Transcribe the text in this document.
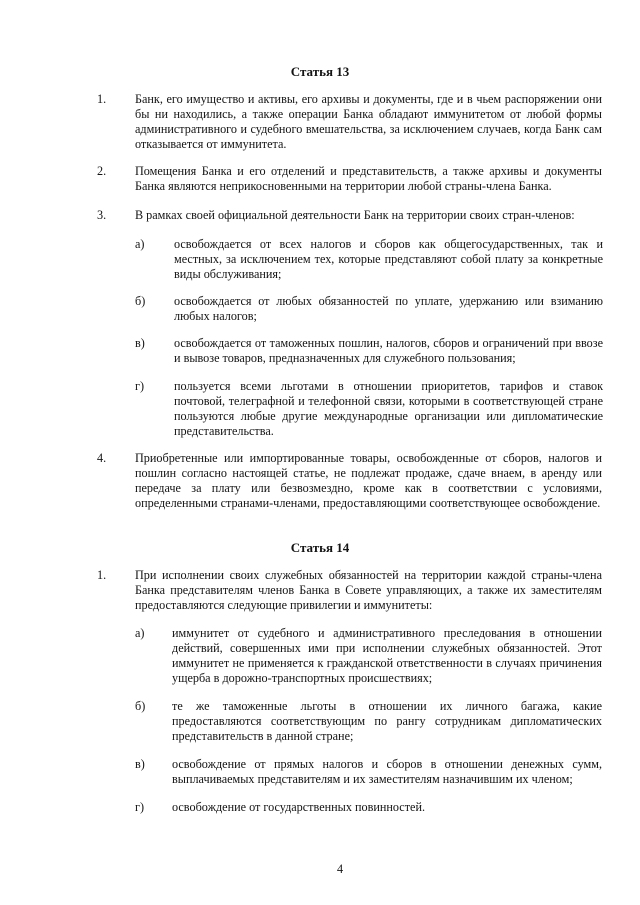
Статья 13
1. Банк, его имущество и активы, его архивы и документы, где и в чьем распоряжении они бы ни находились, а также операции Банка обладают иммунитетом от любой формы административного и судебного вмешательства, за исключением случаев, когда Банк сам отказывается от иммунитета.
2. Помещения Банка и его отделений и представительств, а также архивы и документы Банка являются неприкосновенными на территории любой страны-члена Банка.
3. В рамках своей официальной деятельности Банк на территории своих стран-членов:
а) освобождается от всех налогов и сборов как общегосударственных, так и местных, за исключением тех, которые представляют собой плату за конкретные виды обслуживания;
б) освобождается от любых обязанностей по уплате, удержанию или взиманию любых налогов;
в) освобождается от таможенных пошлин, налогов, сборов и ограничений при ввозе и вывозе товаров, предназначенных для служебного пользования;
г) пользуется всеми льготами в отношении приоритетов, тарифов и ставок почтовой, телеграфной и телефонной связи, которыми в соответствующей стране пользуются любые другие международные организации или дипломатические представительства.
4. Приобретенные или импортированные товары, освобожденные от сборов, налогов и пошлин согласно настоящей статье, не подлежат продаже, сдаче внаем, в аренду или передаче за плату или безвозмездно, кроме как в соответствии с условиями, определенными странами-членами, предоставляющими соответствующее освобождение.
Статья 14
1. При исполнении своих служебных обязанностей на территории каждой страны-члена Банка представителям членов Банка в Совете управляющих, а также их заместителям предоставляются следующие привилегии и иммунитеты:
а) иммунитет от судебного и административного преследования в отношении действий, совершенных ими при исполнении служебных обязанностей. Этот иммунитет не применяется к гражданской ответственности в случаях причинения ущерба в дорожно-транспортных происшествиях;
б) те же таможенные льготы в отношении их личного багажа, какие предоставляются соответствующим по рангу сотрудникам дипломатических представительств в данной стране;
в) освобождение от прямых налогов и сборов в отношении денежных сумм, выплачиваемых представителям и их заместителям назначившим их членом;
г) освобождение от государственных повинностей.
4
